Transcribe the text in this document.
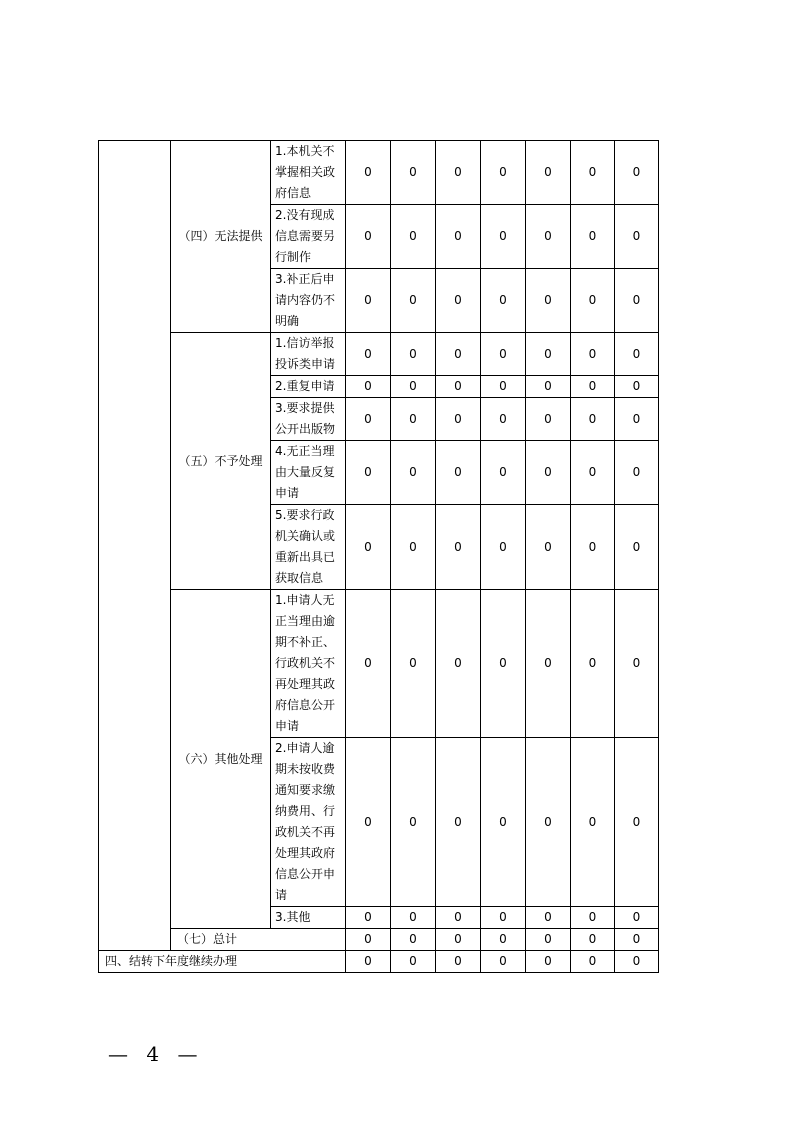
	（四）无法提供	1.本机关不掌握相关政府信息	0	0	0	0	0	0	0
		2.没有现成信息需要另行制作	0	0	0	0	0	0	0
		3.补正后申请内容仍不明确	0	0	0	0	0	0	0
	（五）不予处理	1.信访举报投诉类申请	0	0	0	0	0	0	0
		2.重复申请	0	0	0	0	0	0	0
		3.要求提供公开出版物	0	0	0	0	0	0	0
		4.无正当理由大量反复申请	0	0	0	0	0	0	0
		5.要求行政机关确认或重新出具已获取信息	0	0	0	0	0	0	0
	（六）其他处理	1.申请人无正当理由逾期不补正、行政机关不再处理其政府信息公开申请	0	0	0	0	0	0	0
		2.申请人逾期未按收费通知要求缴纳费用、行政机关不再处理其政府信息公开申请	0	0	0	0	0	0	0
		3.其他	0	0	0	0	0	0	0
	（七）总计		0	0	0	0	0	0	0
四、结转下年度继续办理			0	0	0	0	0	0	0
— 4 —
